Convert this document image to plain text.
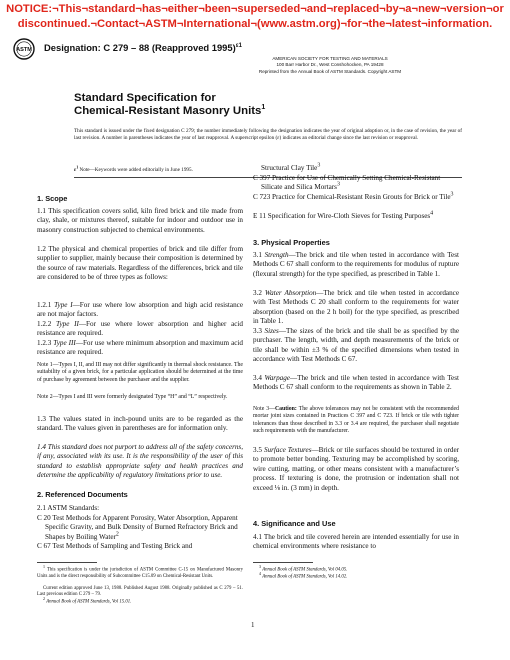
NOTICE:¬This¬standard¬has¬either¬been¬superseded¬and¬replaced¬by¬a¬new¬version¬or
discontinued.¬Contact¬ASTM¬International¬(www.astm.org)¬for¬the¬latest¬information.
ASTM Designation: C 279 – 88 (Reapproved 1995)$^{\varepsilon 1}$
AMERICAN SOCIETY FOR TESTING AND MATERIALS
100 Barr Harbor Dr., West Conshohocken, PA 19428
Reprinted from the Annual Book of ASTM Standards. Copyright ASTM
Standard Specification for
Chemical-Resistant Masonry Units$^1$
This standard is issued under the fixed designation C 279; the number immediately following the designation indicates the year of original adoption or, in the case of revision, the year of last revision. A number in parentheses indicates the year of last reapproval. A superscript epsilon (ε) indicates an editorial change since the last revision or reapproval.
$\varepsilon^1$ Note—Keywords were added editorially in June 1995.
1. Scope
1.1 This specification covers solid, kiln fired brick and tile made from clay, shale, or mixtures thereof, suitable for indoor and outdoor use in masonry construction subjected to chemical environments.
1.2 The physical and chemical properties of brick and tile differ from supplier to supplier, mainly because their composition is determined by the source of raw materials. Regardless of the differences, brick and tile are considered to be of three types as follows:
1.2.1 Type I—For use where low absorption and high acid resistance are not major factors.
1.2.2 Type II—For use where lower absorption and higher acid resistance are required.
1.2.3 Type III—For use where minimum absorption and maximum acid resistance are required.
Note 1—Types I, II, and III may not differ significantly in thermal shock resistance. The suitability of a given brick, for a particular application should be determined at the time of purchase by agreement between the purchaser and the supplier.
Note 2—Types I and III were formerly designated Type “H” and “L” respectively.
1.3 The values stated in inch-pound units are to be regarded as the standard. The values given in parentheses are for information only.
1.4 This standard does not purport to address all of the safety concerns, if any, associated with its use. It is the responsibility of the user of this standard to establish appropriate safety and health practices and determine the applicability of regulatory limitations prior to use.
2. Referenced Documents
2.1 ASTM Standards:
C 20 Test Methods for Apparent Porosity, Water Absorption, Apparent Specific Gravity, and Bulk Density of Burned Refractory Brick and Shapes by Boiling Water$^2$
C 67 Test Methods of Sampling and Testing Brick and
$^1$ This specification is under the jurisdiction of ASTM Committee C-15 on Manufactured Masonry Units and is the direct responsibility of Subcommittee C15.09 on Chemical-Resistant Units.
Current edition approved June 13, 1988. Published August 1988. Originally published as C 279 – 51. Last previous edition C 279 – 79.
$^2$ Annual Book of ASTM Standards, Vol 15.01.
Structural Clay Tile$^3$
C 397 Practice for Use of Chemically Setting Chemical-Resistant Silicate and Silica Mortars$^3$
C 723 Practice for Chemical-Resistant Resin Grouts for Brick or Tile$^3$
E 11 Specification for Wire-Cloth Sieves for Testing Purposes$^4$
3. Physical Properties
3.1 Strength—The brick and tile when tested in accordance with Test Methods C 67 shall conform to the requirements for modulus of rupture (flexural strength) for the type specified, as prescribed in Table 1.
3.2 Water Absorption—The brick and tile when tested in accordance with Test Methods C 20 shall conform to the requirements for water absorption (based on the 2 h boil) for the type specified, as prescribed in Table 1.
3.3 Sizes—The sizes of the brick and tile shall be as specified by the purchaser. The length, width, and depth measurements of the brick or tile shall be within ±3 % of the specified dimensions when tested in accordance with Test Methods C 67.
3.4 Warpage—The brick and tile when tested in accordance with Test Methods C 67 shall conform to the requirements as shown in Table 2.
Note 3—Caution: The above tolerances may not be consistent with the recommended mortar joint sizes contained in Practices C 397 and C 723. If brick or tile with tighter tolerances than those described in 3.3 or 3.4 are required, the purchaser shall negotiate such requirements with the manufacturer.
3.5 Surface Textures—Brick or tile surfaces should be textured in order to promote better bonding. Texturing may be accomplished by scoring, wire cutting, matting, or other means consistent with a manufacturer’s process. If texturing is done, the protrusion or indentation shall not exceed ⅛ in. (3 mm) in depth.
4. Significance and Use
4.1 The brick and tile covered herein are intended essentially for use in chemical environments where resistance to
$^3$ Annual Book of ASTM Standards, Vol 04.05.
$^4$ Annual Book of ASTM Standards, Vol 14.02.
1
